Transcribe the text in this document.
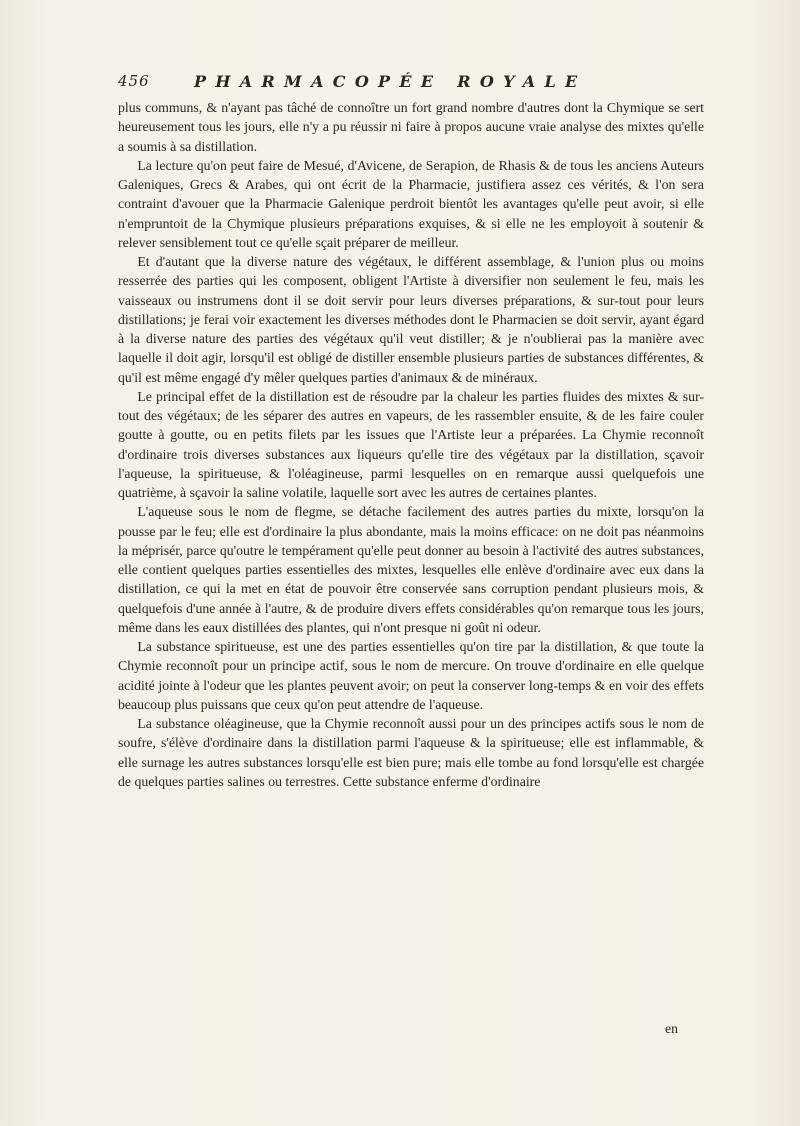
456	PHARMACOPÉE ROYALE

plus communs, & n'ayant pas tâché de connoître un fort grand nombre d'autres dont la Chymique se sert heureusement tous les jours, elle n'y a pu réussir ni faire à propos aucune vraie analyse des mixtes qu'elle a soumis à sa distillation.

La lecture qu'on peut faire de Mesué, d'Avicene, de Serapion, de Rhasis & de tous les anciens Auteurs Galeniques, Grecs & Arabes, qui ont écrit de la Pharmacie, justifiera assez ces vérités, & l'on sera contraint d'avouer que la Pharmacie Galenique perdroit bientôt les avantages qu'elle peut avoir, si elle n'empruntoit de la Chymique plusieurs préparations exquises, & si elle ne les employoit à soutenir & relever sensiblement tout ce qu'elle sçait préparer de meilleur.

Et d'autant que la diverse nature des végétaux, le différent assemblage, & l'union plus ou moins resserrée des parties qui les composent, obligent l'Artiste à diversifier non seulement le feu, mais les vaisseaux ou instrumens dont il se doit servir pour leurs diverses préparations, & sur-tout pour leurs distillations; je ferai voir exactement les diverses méthodes dont le Pharmacien se doit servir, ayant égard à la diverse nature des parties des végétaux qu'il veut distiller; & je n'oublierai pas la manière avec laquelle il doit agir, lorsqu'il est obligé de distiller ensemble plusieurs parties de substances différentes, & qu'il est même engagé d'y mêler quelques parties d'animaux & de minéraux.

Le principal effet de la distillation est de résoudre par la chaleur les parties fluides des mixtes & sur-tout des végétaux; de les séparer des autres en vapeurs, de les rassembler ensuite, & de les faire couler goutte à goutte, ou en petits filets par les issues que l'Artiste leur a préparées. La Chymie reconnoît d'ordinaire trois diverses substances aux liqueurs qu'elle tire des végétaux par la distillation, sçavoir l'aqueuse, la spiritueuse, & l'oléagineuse, parmi lesquelles on en remarque aussi quelquefois une quatrième, à sçavoir la saline volatile, laquelle sort avec les autres de certaines plantes.

L'aqueuse sous le nom de flegme, se détache facilement des autres parties du mixte, lorsqu'on la pousse par le feu; elle est d'ordinaire la plus abondante, mais la moins efficace: on ne doit pas néanmoins la méprisér, parce qu'outre le tempérament qu'elle peut donner au besoin à l'activité des autres substances, elle contient quelques parties essentielles des mixtes, lesquelles elle enlève d'ordinaire avec eux dans la distillation, ce qui la met en état de pouvoir être conservée sans corruption pendant plusieurs mois, & quelquefois d'une année à l'autre, & de produire divers effets considérables qu'on remarque tous les jours, même dans les eaux distillées des plantes, qui n'ont presque ni goût ni odeur.

La substance spiritueuse, est une des parties essentielles qu'on tire par la distillation, & que toute la Chymie reconnoît pour un principe actif, sous le nom de mercure. On trouve d'ordinaire en elle quelque acidité jointe à l'odeur que les plantes peuvent avoir; on peut la conserver long-temps & en voir des effets beaucoup plus puissans que ceux qu'on peut attendre de l'aqueuse.

La substance oléagineuse, que la Chymie reconnoît aussi pour un des principes actifs sous le nom de soufre, s'élève d'ordinaire dans la distillation parmi l'aqueuse & la spiritueuse; elle est inflammable, & elle surnage les autres substances lorsqu'elle est bien pure; mais elle tombe au fond lorsqu'elle est chargée de quelques parties salines ou terrestres. Cette substance enferme d'ordinaire

en
